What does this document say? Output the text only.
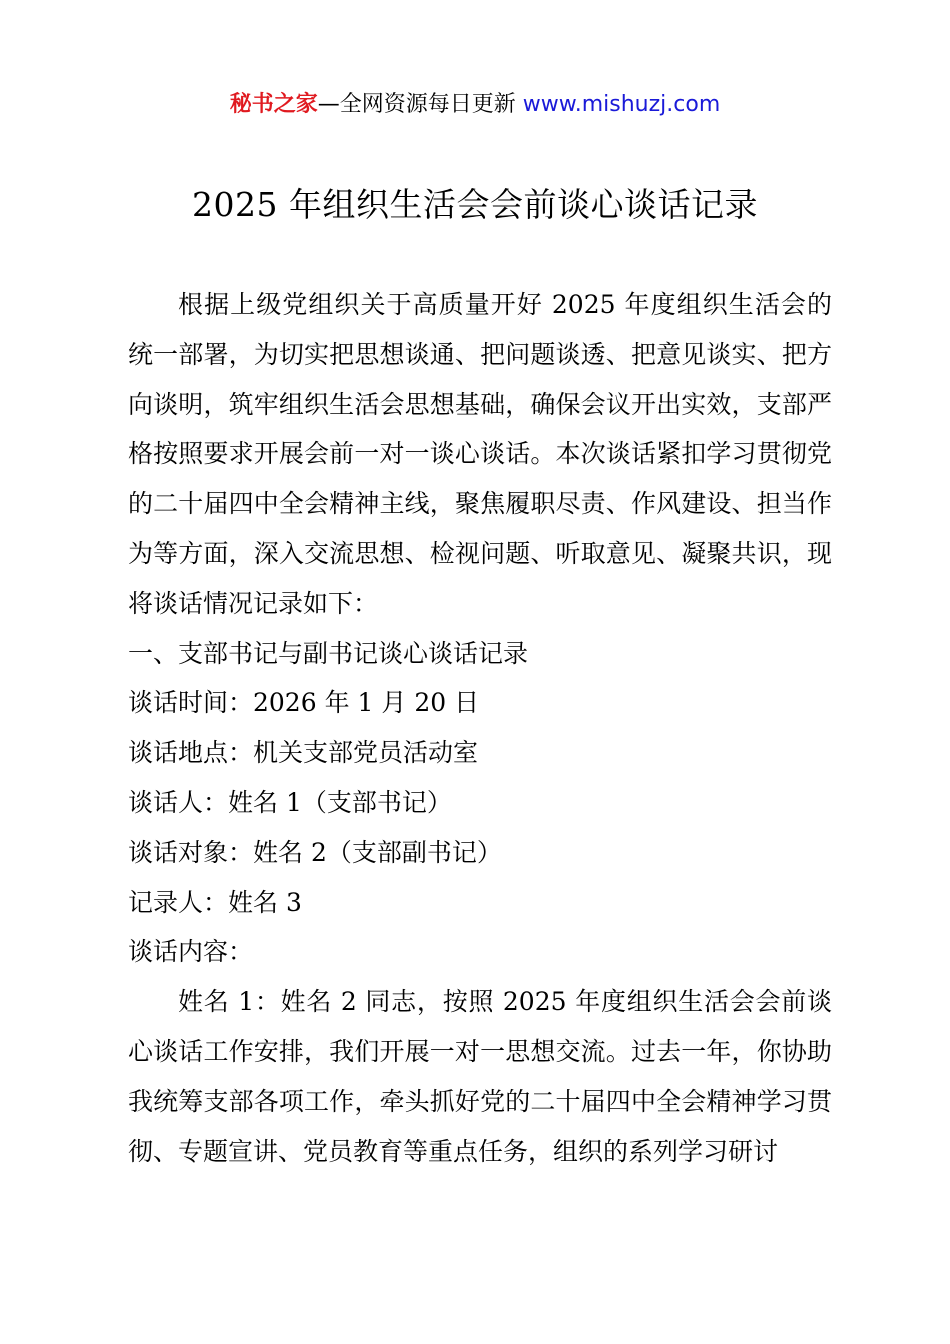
秘书之家—全网资源每日更新 www.mishuzj.com
2025 年组织生活会会前谈心谈话记录

根据上级党组织关于高质量开好 2025 年度组织生活会的统一部署，为切实把思想谈通、把问题谈透、把意见谈实、把方向谈明，筑牢组织生活会思想基础，确保会议开出实效，支部严格按照要求开展会前一对一谈心谈话。本次谈话紧扣学习贯彻党的二十届四中全会精神主线，聚焦履职尽责、作风建设、担当作为等方面，深入交流思想、检视问题、听取意见、凝聚共识，现将谈话情况记录如下：

一、支部书记与副书记谈心谈话记录

谈话时间：2026 年 1 月 20 日

谈话地点：机关支部党员活动室

谈话人：姓名 1（支部书记）

谈话对象：姓名 2（支部副书记）

记录人：姓名 3

谈话内容：

姓名 1：姓名 2 同志，按照 2025 年度组织生活会会前谈心谈话工作安排，我们开展一对一思想交流。过去一年，你协助我统筹支部各项工作，牵头抓好党的二十届四中全会精神学习贯彻、专题宣讲、党员教育等重点任务，组织的系列学习研讨
